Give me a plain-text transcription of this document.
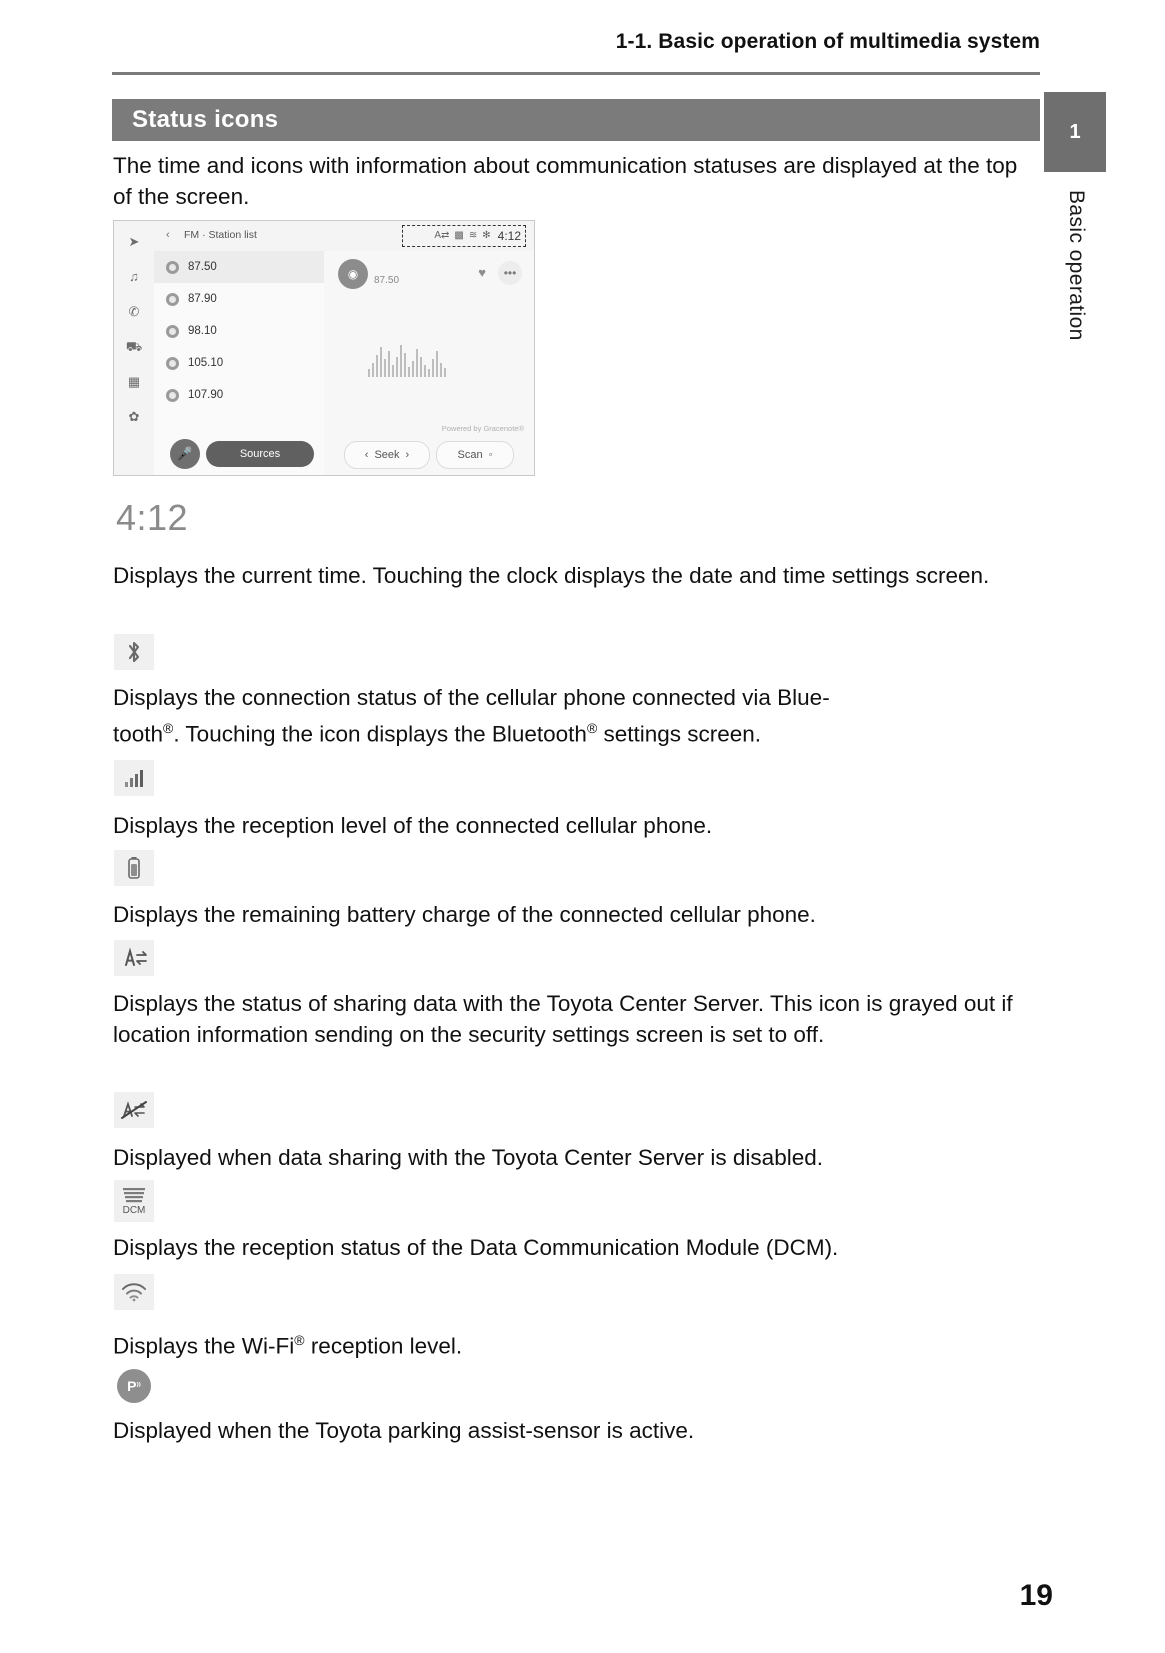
1-1. Basic operation of multimedia system
1
Basic operation
Status icons
The time and icons with information about communication statuses are displayed at the top of the screen.
➤
♫
✆
⛟
▦
✿
‹ FM · Station list	A⇄ ▩ ≋ ✻ 4:12
87.50
87.90
98.10
105.10
107.90
◉	87.50
♥	•••
Powered by Gracenote®
🎤	Sources	‹ Seek ›	Scan ◦
4:12
Displays the current time. Touching the clock displays the date and time settings screen.
Displays the connection status of the cellular phone connected via Blue-
tooth®. Touching the icon displays the Bluetooth® settings screen.
Displays the reception level of the connected cellular phone.
Displays the remaining battery charge of the connected cellular phone.
Displays the status of sharing data with the Toyota Center Server. This icon is grayed out if location information sending on the security settings screen is set to off.
Displayed when data sharing with the Toyota Center Server is disabled.
DCM
Displays the reception status of the Data Communication Module (DCM).
Displays the Wi-Fi® reception level.
P ⁾⁾
Displayed when the Toyota parking assist-sensor is active.
19
